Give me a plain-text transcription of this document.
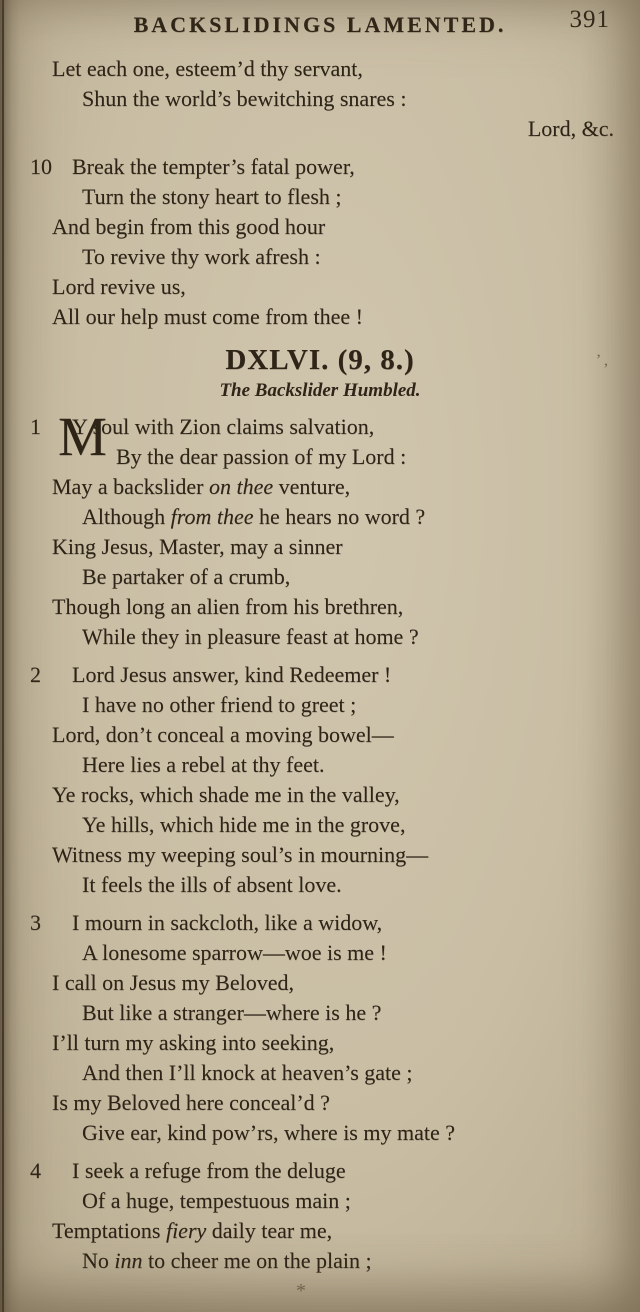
BACKSLIDINGS LAMENTED.	391
Let each one, esteem’d thy servant,
Shun the world’s bewitching snares :
Lord, &c.
10 Break the tempter’s fatal power,
Turn the stony heart to flesh ;
And begin from this good hour
To revive thy work afresh :
Lord revive us,
All our help must come from thee !
DXLVI. (9, 8.)
The Backslider Humbled.
M
1 Y soul with Zion claims salvation,
By the dear passion of my Lord :
May a backslider on thee venture,
Although from thee he hears no word ?
King Jesus, Master, may a sinner
Be partaker of a crumb,
Though long an alien from his brethren,
While they in pleasure feast at home ?
2 Lord Jesus answer, kind Redeemer !
I have no other friend to greet ;
Lord, don’t conceal a moving bowel—
Here lies a rebel at thy feet.
Ye rocks, which shade me in the valley,
Ye hills, which hide me in the grove,
Witness my weeping soul’s in mourning—
It feels the ills of absent love.
3 I mourn in sackcloth, like a widow,
A lonesome sparrow—woe is me !
I call on Jesus my Beloved,
But like a stranger—where is he ?
I’ll turn my asking into seeking,
And then I’ll knock at heaven’s gate ;
Is my Beloved here conceal’d ?
Give ear, kind pow’rs, where is my mate ?
4 I seek a refuge from the deluge
Of a huge, tempestuous main ;
Temptations fiery daily tear me,
No inn to cheer me on the plain ;
’ ,
*
